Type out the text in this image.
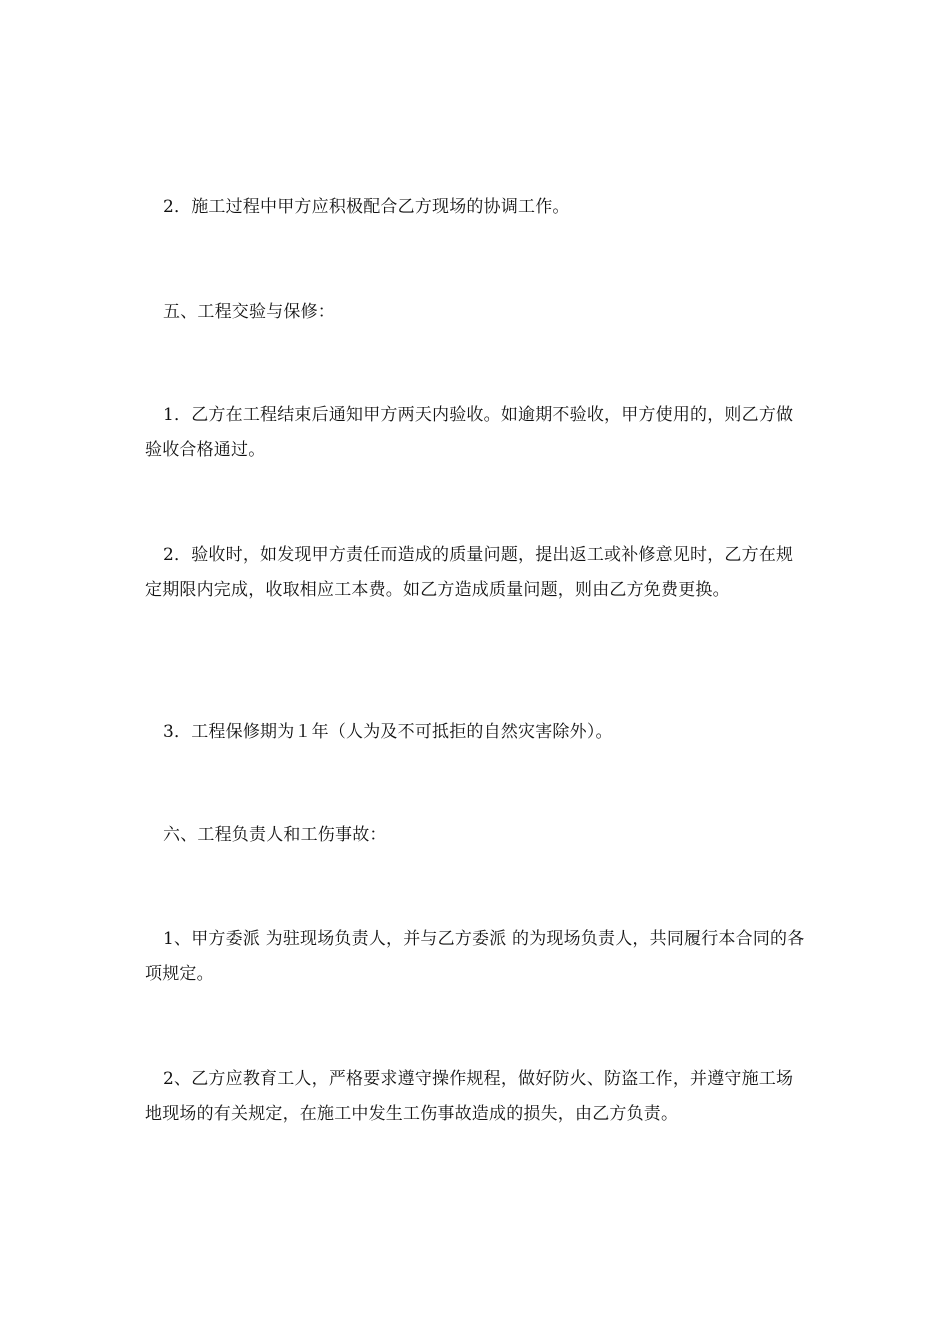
2．施工过程中甲方应积极配合乙方现场的协调工作。

五、工程交验与保修：

1．乙方在工程结束后通知甲方两天内验收。如逾期不验收，甲方使用的，则乙方做验收合格通过。

2．验收时，如发现甲方责任而造成的质量问题，提出返工或补修意见时，乙方在规定期限内完成，收取相应工本费。如乙方造成质量问题，则由乙方免费更换。

3．工程保修期为１年（人为及不可抵拒的自然灾害除外）。

六、工程负责人和工伤事故：

1、甲方委派 为驻现场负责人，并与乙方委派 的为现场负责人，共同履行本合同的各项规定。

2、乙方应教育工人，严格要求遵守操作规程，做好防火、防盗工作，并遵守施工场地现场的有关规定，在施工中发生工伤事故造成的损失，由乙方负责。
